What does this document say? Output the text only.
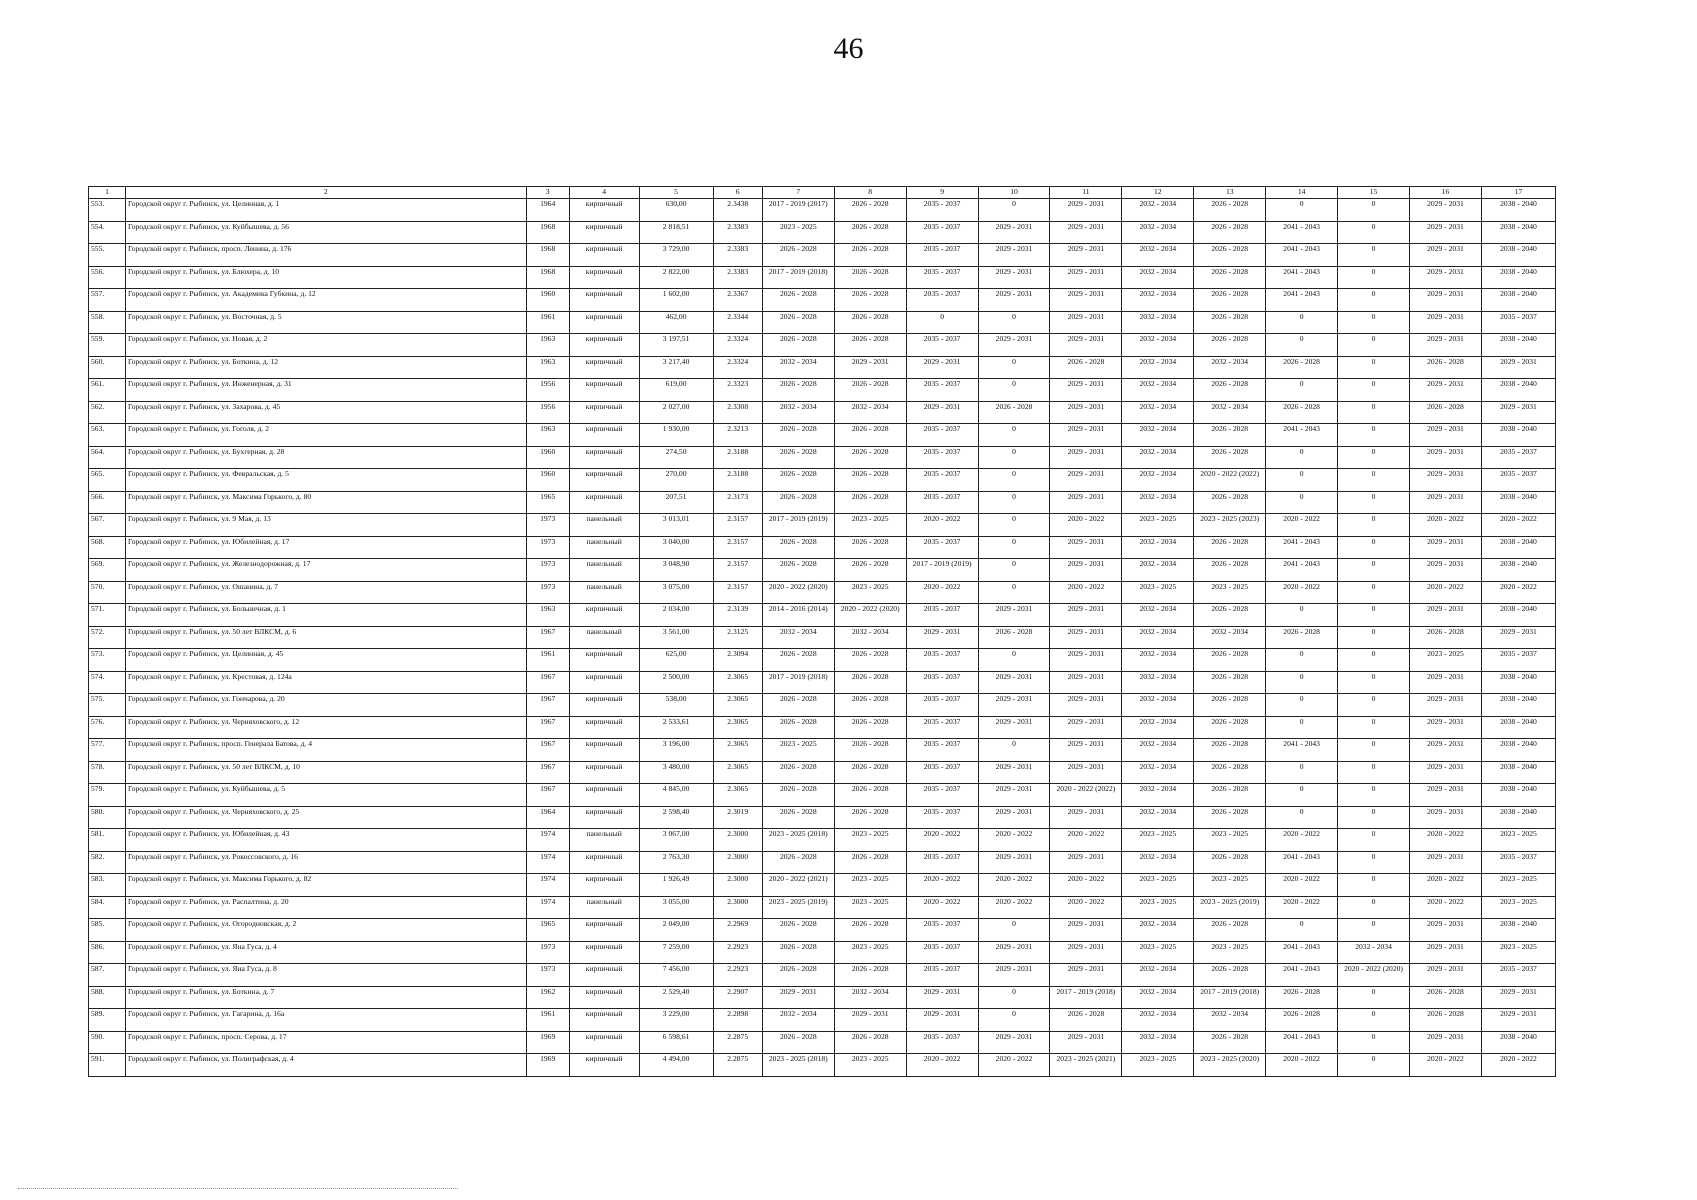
46
1	2	3	4	5	6	7	8	9	10	11	12	13	14	15	16	17
553.	Городской округ г. Рыбинск, ул. Целинная, д. 1	1964	кирпичный	630,00	2.3438	2017 - 2019 (2017)	2026 - 2028	2035 - 2037	0	2029 - 2031	2032 - 2034	2026 - 2028	0	0	2029 - 2031	2038 - 2040
554.	Городской округ г. Рыбинск, ул. Куйбышева, д. 56	1968	кирпичный	2 818,51	2.3383	2023 - 2025	2026 - 2028	2035 - 2037	2029 - 2031	2029 - 2031	2032 - 2034	2026 - 2028	2041 - 2043	0	2029 - 2031	2038 - 2040
555.	Городской округ г. Рыбинск, просп. Ленина, д. 176	1968	кирпичный	3 729,00	2.3383	2026 - 2028	2026 - 2028	2035 - 2037	2029 - 2031	2029 - 2031	2032 - 2034	2026 - 2028	2041 - 2043	0	2029 - 2031	2038 - 2040
556.	Городской округ г. Рыбинск, ул. Блюхера, д. 10	1968	кирпичный	2 822,00	2.3383	2017 - 2019 (2018)	2026 - 2028	2035 - 2037	2029 - 2031	2029 - 2031	2032 - 2034	2026 - 2028	2041 - 2043	0	2029 - 2031	2038 - 2040
557.	Городской округ г. Рыбинск, ул. Академика Губкина, д. 12	1960	кирпичный	1 602,00	2.3367	2026 - 2028	2026 - 2028	2035 - 2037	2029 - 2031	2029 - 2031	2032 - 2034	2026 - 2028	2041 - 2043	0	2029 - 2031	2038 - 2040
558.	Городской округ г. Рыбинск, ул. Восточная, д. 5	1961	кирпичный	462,00	2.3344	2026 - 2028	2026 - 2028	0	0	2029 - 2031	2032 - 2034	2026 - 2028	0	0	2029 - 2031	2035 - 2037
559.	Городской округ г. Рыбинск, ул. Новая, д. 2	1963	кирпичный	3 197,51	2.3324	2026 - 2028	2026 - 2028	2035 - 2037	2029 - 2031	2029 - 2031	2032 - 2034	2026 - 2028	0	0	2029 - 2031	2038 - 2040
560.	Городской округ г. Рыбинск, ул. Боткина, д. 12	1963	кирпичный	3 217,40	2.3324	2032 - 2034	2029 - 2031	2029 - 2031	0	2026 - 2028	2032 - 2034	2032 - 2034	2026 - 2028	0	2026 - 2028	2029 - 2031
561.	Городской округ г. Рыбинск, ул. Инженерная, д. 31	1956	кирпичный	619,00	2.3323	2026 - 2028	2026 - 2028	2035 - 2037	0	2029 - 2031	2032 - 2034	2026 - 2028	0	0	2029 - 2031	2038 - 2040
562.	Городской округ г. Рыбинск, ул. Захарова, д. 45	1956	кирпичный	2 027,00	2.3308	2032 - 2034	2032 - 2034	2029 - 2031	2026 - 2028	2029 - 2031	2032 - 2034	2032 - 2034	2026 - 2028	0	2026 - 2028	2029 - 2031
563.	Городской округ г. Рыбинск, ул. Гоголя, д. 2	1963	кирпичный	1 930,00	2.3213	2026 - 2028	2026 - 2028	2035 - 2037	0	2029 - 2031	2032 - 2034	2026 - 2028	2041 - 2043	0	2029 - 2031	2038 - 2040
564.	Городской округ г. Рыбинск, ул. Бухгерная, д. 28	1960	кирпичный	274,50	2.3188	2026 - 2028	2026 - 2028	2035 - 2037	0	2029 - 2031	2032 - 2034	2026 - 2028	0	0	2029 - 2031	2035 - 2037
565.	Городской округ г. Рыбинск, ул. Февральская, д. 5	1960	кирпичный	270,00	2.3188	2026 - 2028	2026 - 2028	2035 - 2037	0	2029 - 2031	2032 - 2034	2020 - 2022 (2022)	0	0	2029 - 2031	2035 - 2037
566.	Городской округ г. Рыбинск, ул. Максима Горького, д. 80	1965	кирпичный	207,51	2.3173	2026 - 2028	2026 - 2028	2035 - 2037	0	2029 - 2031	2032 - 2034	2026 - 2028	0	0	2029 - 2031	2038 - 2040
567.	Городской округ г. Рыбинск, ул. 9 Мая, д. 13	1973	панельный	3 013,01	2.3157	2017 - 2019 (2019)	2023 - 2025	2020 - 2022	0	2020 - 2022	2023 - 2025	2023 - 2025 (2023)	2020 - 2022	0	2020 - 2022	2020 - 2022
568.	Городской округ г. Рыбинск, ул. Юбилейная, д. 17	1973	панельный	3 040,00	2.3157	2026 - 2028	2026 - 2028	2035 - 2037	0	2029 - 2031	2032 - 2034	2026 - 2028	2041 - 2043	0	2029 - 2031	2038 - 2040
569.	Городской округ г. Рыбинск, ул. Железнодорожная, д. 17	1973	панельный	3 048,90	2.3157	2026 - 2028	2026 - 2028	2017 - 2019 (2019)	0	2029 - 2031	2032 - 2034	2026 - 2028	2041 - 2043	0	2029 - 2031	2038 - 2040
570.	Городской округ г. Рыбинск, ул. Ошанина, д. 7	1973	панельный	3 075,00	2.3157	2020 - 2022 (2020)	2023 - 2025	2020 - 2022	0	2020 - 2022	2023 - 2025	2023 - 2025	2020 - 2022	0	2020 - 2022	2020 - 2022
571.	Городской округ г. Рыбинск, ул. Больничная, д. 1	1963	кирпичный	2 034,00	2.3139	2014 - 2016 (2014)	2020 - 2022 (2020)	2035 - 2037	2029 - 2031	2029 - 2031	2032 - 2034	2026 - 2028	0	0	2029 - 2031	2038 - 2040
572.	Городской округ г. Рыбинск, ул. 50 лет ВЛКСМ, д. 6	1967	панельный	3 561,00	2.3125	2032 - 2034	2032 - 2034	2029 - 2031	2026 - 2028	2029 - 2031	2032 - 2034	2032 - 2034	2026 - 2028	0	2026 - 2028	2029 - 2031
573.	Городской округ г. Рыбинск, ул. Целинная, д. 45	1961	кирпичный	625,00	2.3094	2026 - 2028	2026 - 2028	2035 - 2037	0	2029 - 2031	2032 - 2034	2026 - 2028	0	0	2023 - 2025	2035 - 2037
574.	Городской округ г. Рыбинск, ул. Крестовая, д. 124а	1967	кирпичный	2 500,00	2.3065	2017 - 2019 (2018)	2026 - 2028	2035 - 2037	2029 - 2031	2029 - 2031	2032 - 2034	2026 - 2028	0	0	2029 - 2031	2038 - 2040
575.	Городской округ г. Рыбинск, ул. Гончарова, д. 20	1967	кирпичный	538,00	2.3065	2026 - 2028	2026 - 2028	2035 - 2037	2029 - 2031	2029 - 2031	2032 - 2034	2026 - 2028	0	0	2029 - 2031	2038 - 2040
576.	Городской округ г. Рыбинск, ул. Черняховского, д. 12	1967	кирпичный	2 533,61	2.3065	2026 - 2028	2026 - 2028	2035 - 2037	2029 - 2031	2029 - 2031	2032 - 2034	2026 - 2028	0	0	2029 - 2031	2038 - 2040
577.	Городской округ г. Рыбинск, просп. Генерала Батова, д. 4	1967	кирпичный	3 196,00	2.3065	2023 - 2025	2026 - 2028	2035 - 2037	0	2029 - 2031	2032 - 2034	2026 - 2028	2041 - 2043	0	2029 - 2031	2038 - 2040
578.	Городской округ г. Рыбинск, ул. 50 лет ВЛКСМ, д. 10	1967	кирпичный	3 480,00	2.3065	2026 - 2028	2026 - 2028	2035 - 2037	2029 - 2031	2029 - 2031	2032 - 2034	2026 - 2028	0	0	2029 - 2031	2038 - 2040
579.	Городской округ г. Рыбинск, ул. Куйбышева, д. 5	1967	кирпичный	4 845,00	2.3065	2026 - 2028	2026 - 2028	2035 - 2037	2029 - 2031	2020 - 2022 (2022)	2032 - 2034	2026 - 2028	0	0	2029 - 2031	2038 - 2040
580.	Городской округ г. Рыбинск, ул. Черняховского, д. 25	1964	кирпичный	2 598,40	2.3019	2026 - 2028	2026 - 2028	2035 - 2037	2029 - 2031	2029 - 2031	2032 - 2034	2026 - 2028	0	0	2029 - 2031	2038 - 2040
581.	Городской округ г. Рыбинск, ул. Юбилейная, д. 43	1974	панельный	3 067,00	2.3000	2023 - 2025 (2018)	2023 - 2025	2020 - 2022	2020 - 2022	2020 - 2022	2023 - 2025	2023 - 2025	2020 - 2022	0	2020 - 2022	2023 - 2025
582.	Городской округ г. Рыбинск, ул. Рокоссовского, д. 16	1974	кирпичный	2 763,30	2.3000	2026 - 2028	2026 - 2028	2035 - 2037	2029 - 2031	2029 - 2031	2032 - 2034	2026 - 2028	2041 - 2043	0	2029 - 2031	2035 - 2037
583.	Городской округ г. Рыбинск, ул. Максима Горького, д. 82	1974	кирпичный	1 926,49	2.3000	2020 - 2022 (2021)	2023 - 2025	2020 - 2022	2020 - 2022	2020 - 2022	2023 - 2025	2023 - 2025	2020 - 2022	0	2020 - 2022	2023 - 2025
584.	Городской округ г. Рыбинск, ул. Распалтина, д. 20	1974	панельный	3 055,00	2.3000	2023 - 2025 (2019)	2023 - 2025	2020 - 2022	2020 - 2022	2020 - 2022	2023 - 2025	2023 - 2025 (2019)	2020 - 2022	0	2020 - 2022	2023 - 2025
585.	Городской округ г. Рыбинск, ул. Огородновская, д. 2	1965	кирпичный	2 049,00	2.2969	2026 - 2028	2026 - 2028	2035 - 2037	0	2029 - 2031	2032 - 2034	2026 - 2028	0	0	2029 - 2031	2038 - 2040
586.	Городской округ г. Рыбинск, ул. Яна Гуса, д. 4	1973	кирпичный	7 259,00	2.2923	2026 - 2028	2023 - 2025	2035 - 2037	2029 - 2031	2029 - 2031	2023 - 2025	2023 - 2025	2041 - 2043	2032 - 2034	2029 - 2031	2023 - 2025
587.	Городской округ г. Рыбинск, ул. Яна Гуса, д. 8	1973	кирпичный	7 456,00	2.2923	2026 - 2028	2026 - 2028	2035 - 2037	2029 - 2031	2029 - 2031	2032 - 2034	2026 - 2028	2041 - 2043	2020 - 2022 (2020)	2029 - 2031	2035 - 2037
588.	Городской округ г. Рыбинск, ул. Боткина, д. 7	1962	кирпичный	2 529,40	2.2907	2029 - 2031	2032 - 2034	2029 - 2031	0	2017 - 2019 (2018)	2032 - 2034	2017 - 2019 (2018)	2026 - 2028	0	2026 - 2028	2029 - 2031
589.	Городской округ г. Рыбинск, ул. Гагарина, д. 16а	1961	кирпичный	3 229,00	2.2898	2032 - 2034	2029 - 2031	2029 - 2031	0	2026 - 2028	2032 - 2034	2032 - 2034	2026 - 2028	0	2026 - 2028	2029 - 2031
590.	Городской округ г. Рыбинск, просп. Серова, д. 17	1969	кирпичный	6 598,61	2.2875	2026 - 2028	2026 - 2028	2035 - 2037	2029 - 2031	2029 - 2031	2032 - 2034	2026 - 2028	2041 - 2043	0	2029 - 2031	2038 - 2040
591.	Городской округ г. Рыбинск, ул. Полиграфская, д. 4	1969	кирпичный	4 494,00	2.2875	2023 - 2025 (2018)	2023 - 2025	2020 - 2022	2020 - 2022	2023 - 2025 (2021)	2023 - 2025	2023 - 2025 (2020)	2020 - 2022	0	2020 - 2022	2020 - 2022
